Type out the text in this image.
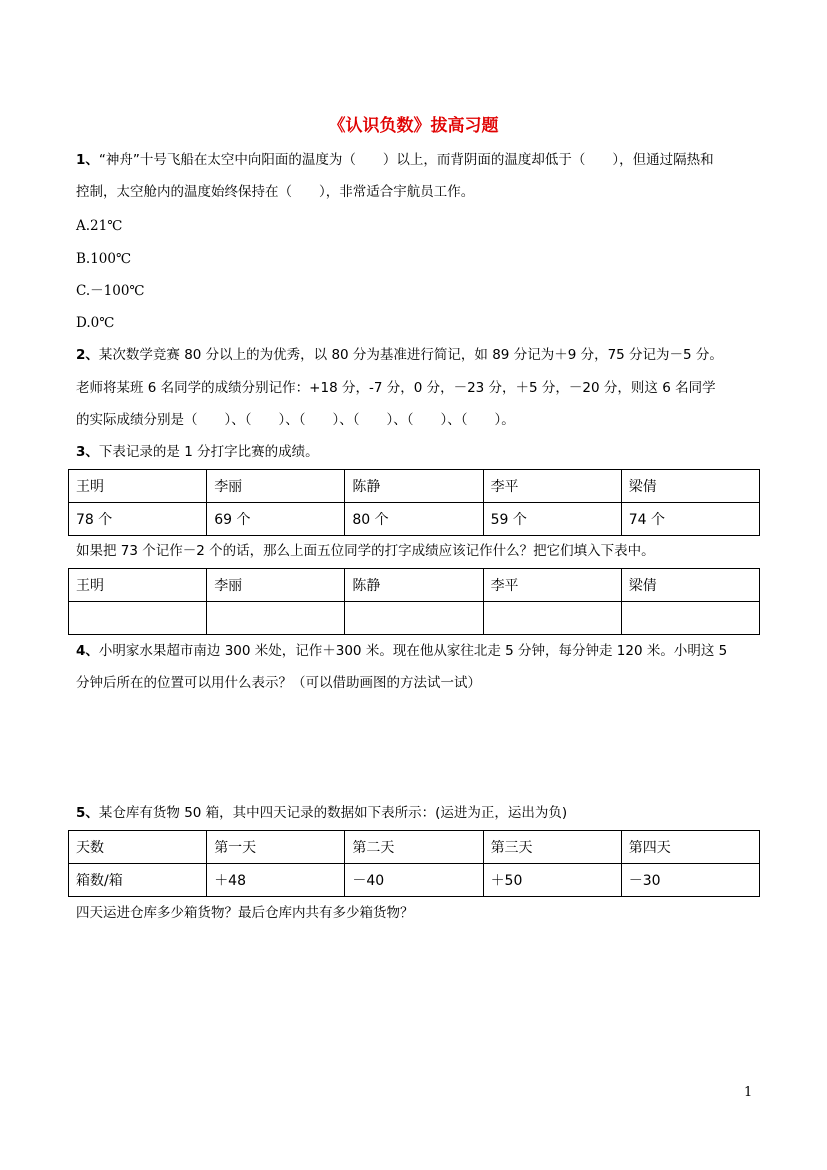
《认识负数》拔高习题
1、“神舟”十号飞船在太空中向阳面的温度为（　　）以上，而背阴面的温度却低于（　　），但通过隔热和
控制，太空舱内的温度始终保持在（　　），非常适合宇航员工作。
A.21℃
B.100℃
C.－100℃
D.0℃
2、某次数学竞赛 80 分以上的为优秀，以 80 分为基准进行简记，如 89 分记为＋9 分，75 分记为－5 分。
老师将某班 6 名同学的成绩分别记作：+18 分，-7 分，0 分，－23 分，＋5 分，－20 分，则这 6 名同学
的实际成绩分别是（　　）、（　　）、（　　）、（　　）、（　　）、（　　）。
3、下表记录的是 1 分打字比赛的成绩。
王明	李丽	陈静	李平	梁倩
78 个	69 个	80 个	59 个	74 个
如果把 73 个记作－2 个的话，那么上面五位同学的打字成绩应该记作什么？把它们填入下表中。
王明	李丽	陈静	李平	梁倩

4、小明家水果超市南边 300 米处，记作＋300 米。现在他从家往北走 5 分钟，每分钟走 120 米。小明这 5
分钟后所在的位置可以用什么表示？（可以借助画图的方法试一试）
5、某仓库有货物 50 箱，其中四天记录的数据如下表所示：(运进为正，运出为负)
天数	第一天	第二天	第三天	第四天
箱数/箱	＋48	－40	＋50	－30
四天运进仓库多少箱货物？最后仓库内共有多少箱货物？
1
